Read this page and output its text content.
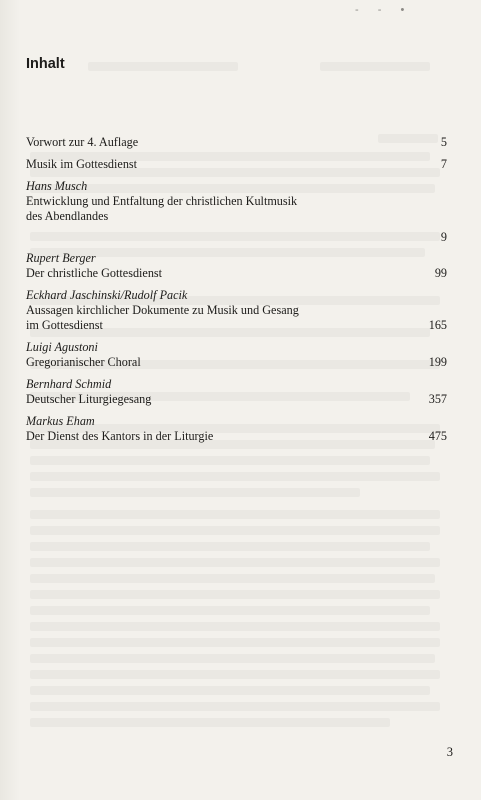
- - •
Inhalt
Vorwort zur 4. Auflage	5
Musik im Gottesdienst	7
Hans Musch
Entwicklung und Entfaltung der christlichen Kultmusik
des Abendlandes
9
Rupert Berger
Der christliche Gottesdienst	99
Eckhard Jaschinski/Rudolf Pacik
Aussagen kirchlicher Dokumente zu Musik und Gesang
im Gottesdienst	165
Luigi Agustoni
Gregorianischer Choral	199
Bernhard Schmid
Deutscher Liturgiegesang	357
Markus Eham
Der Dienst des Kantors in der Liturgie	475
3
